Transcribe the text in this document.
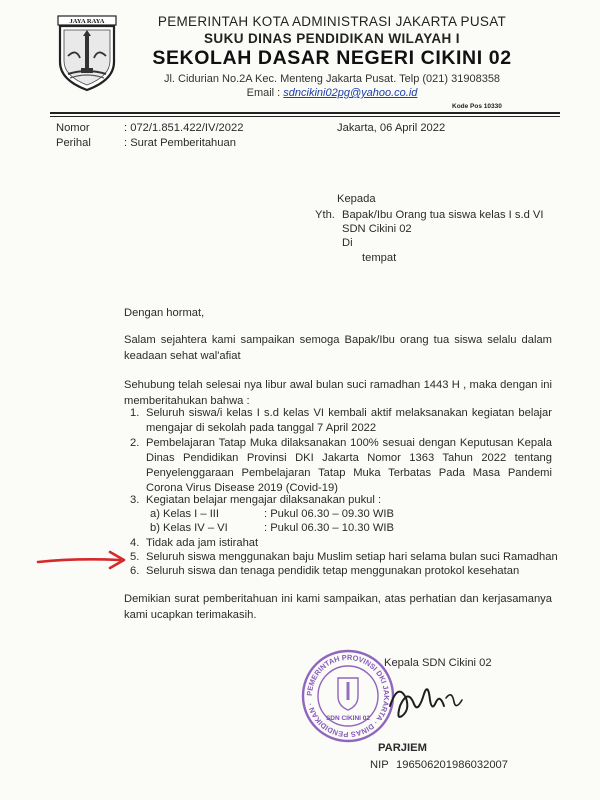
JAYA RAYA	PEMERINTAH KOTA ADMINISTRASI JAKARTA PUSAT
SUKU DINAS PENDIDIKAN WILAYAH I
SEKOLAH DASAR NEGERI CIKINI 02
Jl. Cidurian No.2A Kec. Menteng Jakarta Pusat. Telp (021) 31908358
Email : sdncikini02pg@yahoo.co.id
Kode Pos 10330
Nomor	: 072/1.851.422/IV/2022	Jakarta, 06 April 2022
Perihal	: Surat Pemberitahuan
Kepada
Yth. Bapak/Ibu Orang tua siswa kelas I s.d VI
SDN Cikini 02
Di
tempat
Dengan hormat,
Salam sejahtera kami sampaikan semoga Bapak/Ibu orang tua siswa selalu dalam keadaan sehat wal'afiat
Sehubung telah selesai nya libur awal bulan suci ramadhan 1443 H , maka dengan ini memberitahukan bahwa :
1. Seluruh siswa/i kelas I s.d kelas VI kembali aktif melaksanakan kegiatan belajar mengajar di sekolah pada tanggal 7 April 2022
2. Pembelajaran Tatap Muka dilaksanakan 100% sesuai dengan Keputusan Kepala Dinas Pendidikan Provinsi DKI Jakarta Nomor 1363 Tahun 2022 tentang Penyelenggaraan Pembelajaran Tatap Muka Terbatas Pada Masa Pandemi Corona Virus Disease 2019 (Covid-19)
3. Kegiatan belajar mengajar dilaksanakan pukul :
a) Kelas I – III	: Pukul 06.30 – 09.30 WIB
b) Kelas IV – VI	: Pukul 06.30 – 10.30 WIB
4. Tidak ada jam istirahat
5. Seluruh siswa menggunakan baju Muslim setiap hari selama bulan suci Ramadhan
6. Seluruh siswa dan tenaga pendidik tetap menggunakan protokol kesehatan
Demikian surat pemberitahuan ini kami sampaikan, atas perhatian dan kerjasamanya kami ucapkan terimakasih.
Kepala SDN Cikini 02
PEMERINTAH PROVINSI DKI JAKARTA · DINAS PENDIDIKAN ·
SDN CIKINI 02
PARJIEM
NIP 196506201986032007
